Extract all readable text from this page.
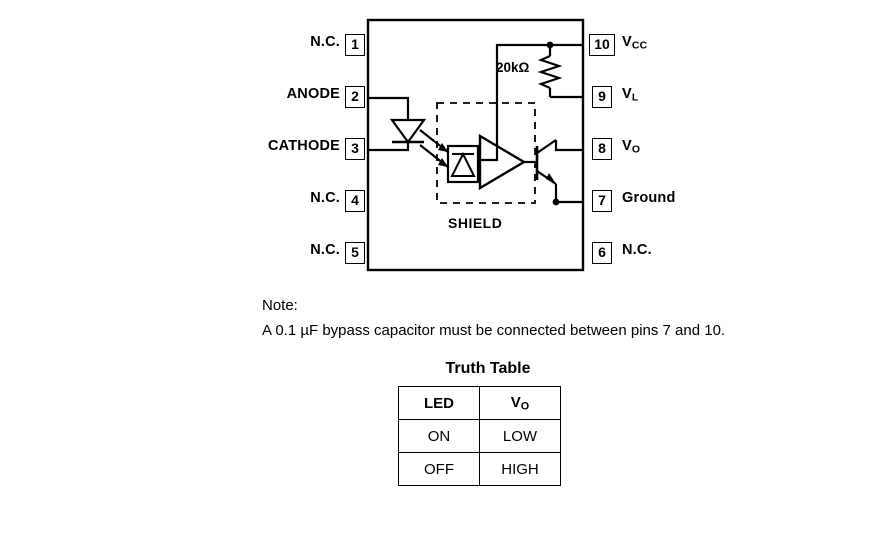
N.C. 1
ANODE 2
CATHODE 3
N.C. 4
N.C. 5
10 $V_{CC}$
9	$V_L$
8	$V_O$
7	Ground
6	N.C.
20kΩ
SHIELD
Note:
A 0.1 µF bypass capacitor must be connected between pins 7 and 10.
Truth Table
LED	$V_O$
ON	LOW
OFF	HIGH
